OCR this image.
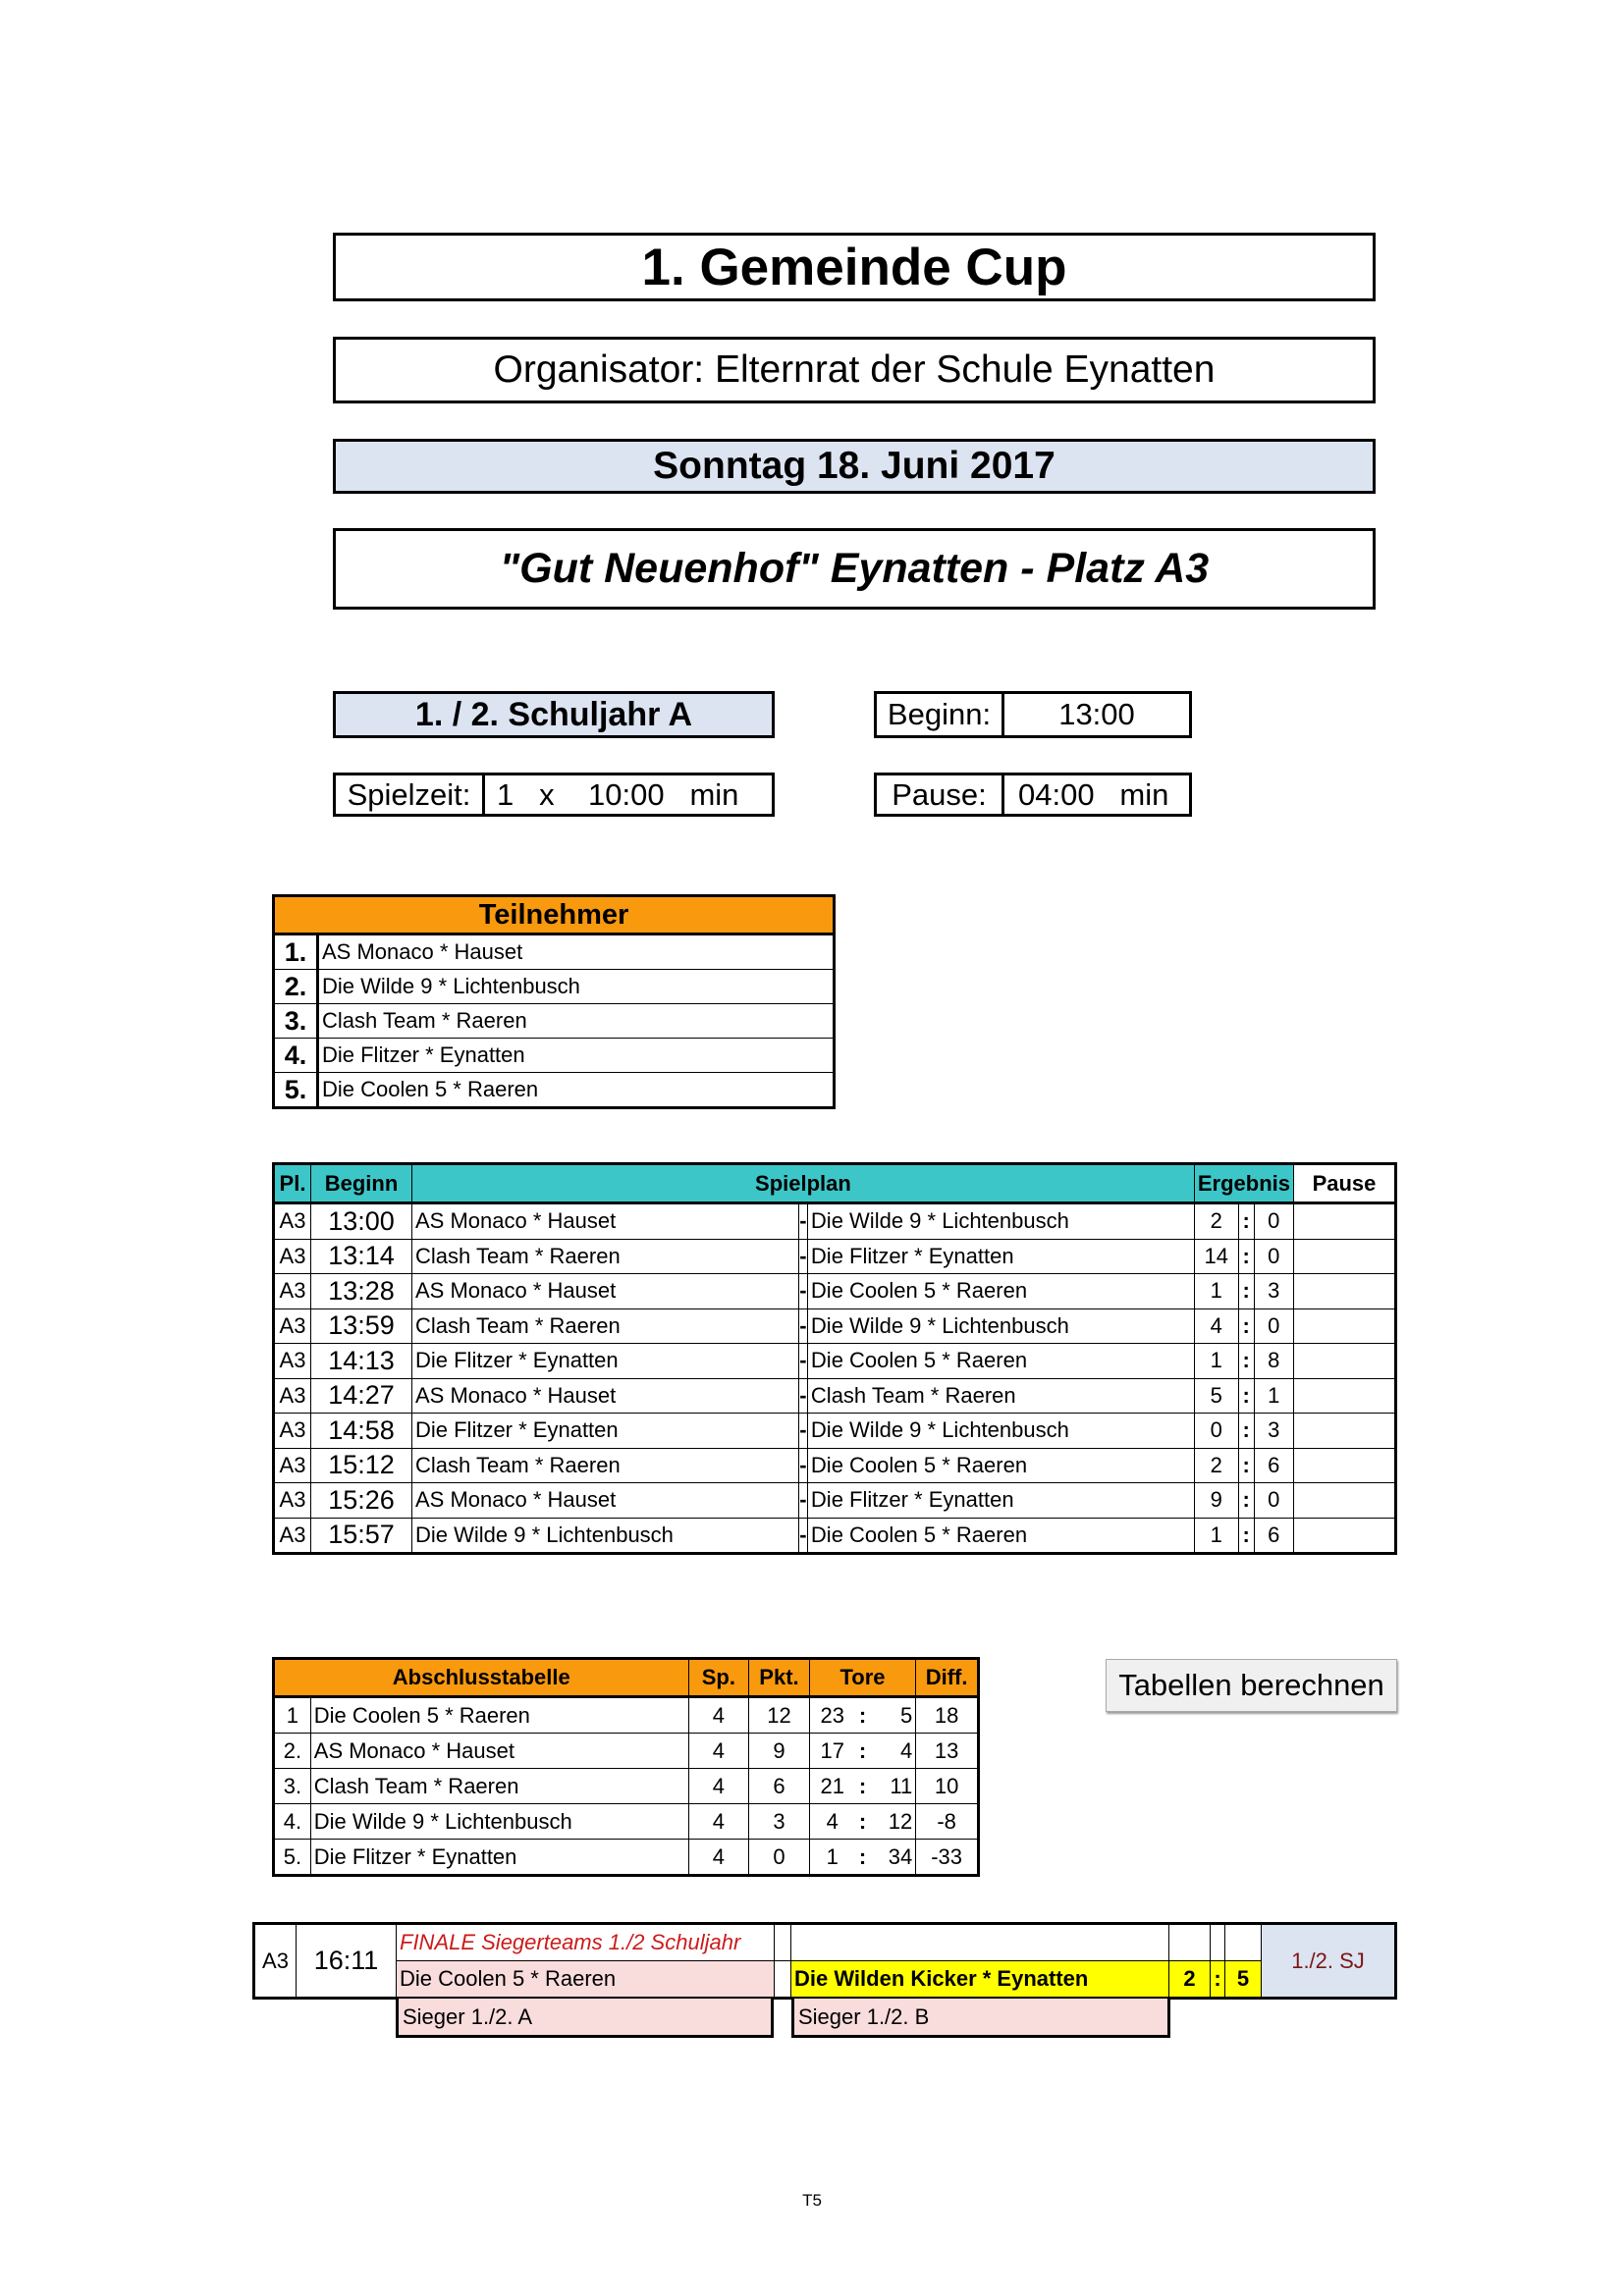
1. Gemeinde Cup
Organisator: Elternrat der Schule Eynatten
Sonntag 18. Juni 2017
"Gut Neuenhof" Eynatten - Platz A3
1. / 2. Schuljahr A	Beginn:	13:00
Spielzeit: 1   x    10:00   min	Pause:	04:00   min
Teilnehmer	
1.	AS Monaco * Hauset
2.	Die Wilde 9 * Lichtenbusch
3.	Clash Team * Raeren
4.	Die Flitzer * Eynatten
5.	Die Coolen 5 * Raeren
Pl.	Beginn	Spielplan			Ergebnis			Pause
A3	13:00	AS Monaco * Hauset	-	Die Wilde 9 * Lichtenbusch	2	:	0	
A3	13:14	Clash Team * Raeren	-	Die Flitzer * Eynatten	14	:	0	
A3	13:28	AS Monaco * Hauset	-	Die Coolen 5 * Raeren	1	:	3	
A3	13:59	Clash Team * Raeren	-	Die Wilde 9 * Lichtenbusch	4	:	0	
A3	14:13	Die Flitzer * Eynatten	-	Die Coolen 5 * Raeren	1	:	8	
A3	14:27	AS Monaco * Hauset	-	Clash Team * Raeren	5	:	1	
A3	14:58	Die Flitzer * Eynatten	-	Die Wilde 9 * Lichtenbusch	0	:	3	
A3	15:12	Clash Team * Raeren	-	Die Coolen 5 * Raeren	2	:	6	
A3	15:26	AS Monaco * Hauset	-	Die Flitzer * Eynatten	9	:	0	
A3	15:57	Die Wilde 9 * Lichtenbusch	-	Die Coolen 5 * Raeren	1	:	6	
Abschlusstabelle		Sp.	Pkt.	Tore			Diff.
1	Die Coolen 5 * Raeren	4	12	23	:	5	18
2.	AS Monaco * Hauset	4	9	17	:	4	13
3.	Clash Team * Raeren	4	6	21	:	11	10
4.	Die Wilde 9 * Lichtenbusch	4	3	4	:	12	-8
5.	Die Flitzer * Eynatten	4	0	1	:	34	-33
Tabellen berechnen
A3	16:11	FINALE Siegerteams 1./2 Schuljahr						1./2. SJ
		Die Coolen 5 * Raeren		Die Wilden Kicker * Eynatten	2	:	5	
Sieger 1./2. A	Sieger 1./2. B
T5
